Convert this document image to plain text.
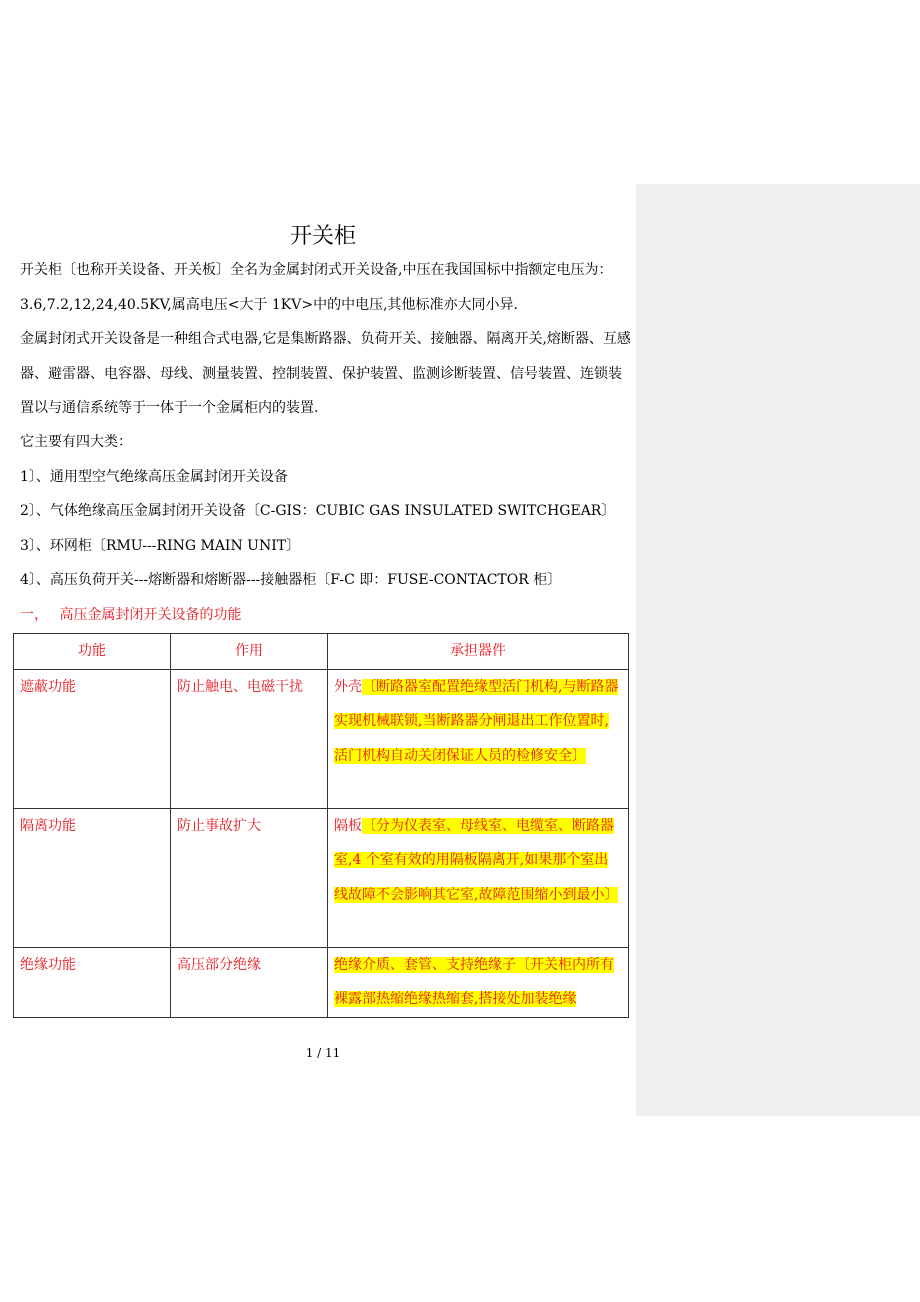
开关柜

开关柜〔也称开关设备、开关板〕全名为金属封闭式开关设备,中压在我国国标中指额定电压为：3.6,7.2,12,24,40.5KV,属高电压<大于 1KV>中的中电压,其他标准亦大同小异.

金属封闭式开关设备是一种组合式电器,它是集断路器、负荷开关、接触器、隔离开关,熔断器、互感器、避雷器、电容器、母线、测量装置、控制装置、保护装置、监测诊断装置、信号装置、连锁装置以与通信系统等于一体于一个金属柜内的装置.

它主要有四大类：

1〕、通用型空气绝缘高压金属封闭开关设备

2〕、气体绝缘高压金属封闭开关设备〔C-GIS：CUBIC GAS INSULATED SWITCHGEAR〕

3〕、环网柜〔RMU---RING MAIN UNIT〕

4〕、高压负荷开关---熔断器和熔断器---接触器柜〔F-C 即：FUSE-CONTACTOR 柜〕

一，　 高压金属封闭开关设备的功能

功能	作用	承担器件
遮蔽功能	防止触电、电磁干扰	外壳〔断路器室配置绝缘型活门机构,与断路器实现机械联锁,当断路器分闸退出工作位置时,活门机构自动关闭保证人员的检修安全〕
隔离功能	防止事故扩大	隔板〔分为仪表室、母线室、电缆室、断路器室,4 个室有效的用隔板隔离开,如果那个室出线故障不会影响其它室,故障范围缩小到最小〕
绝缘功能	高压部分绝缘	绝缘介质、套管、支持绝缘子〔开关柜内所有裸露部热缩绝缘热缩套,搭接处加装绝缘
1 / 11
